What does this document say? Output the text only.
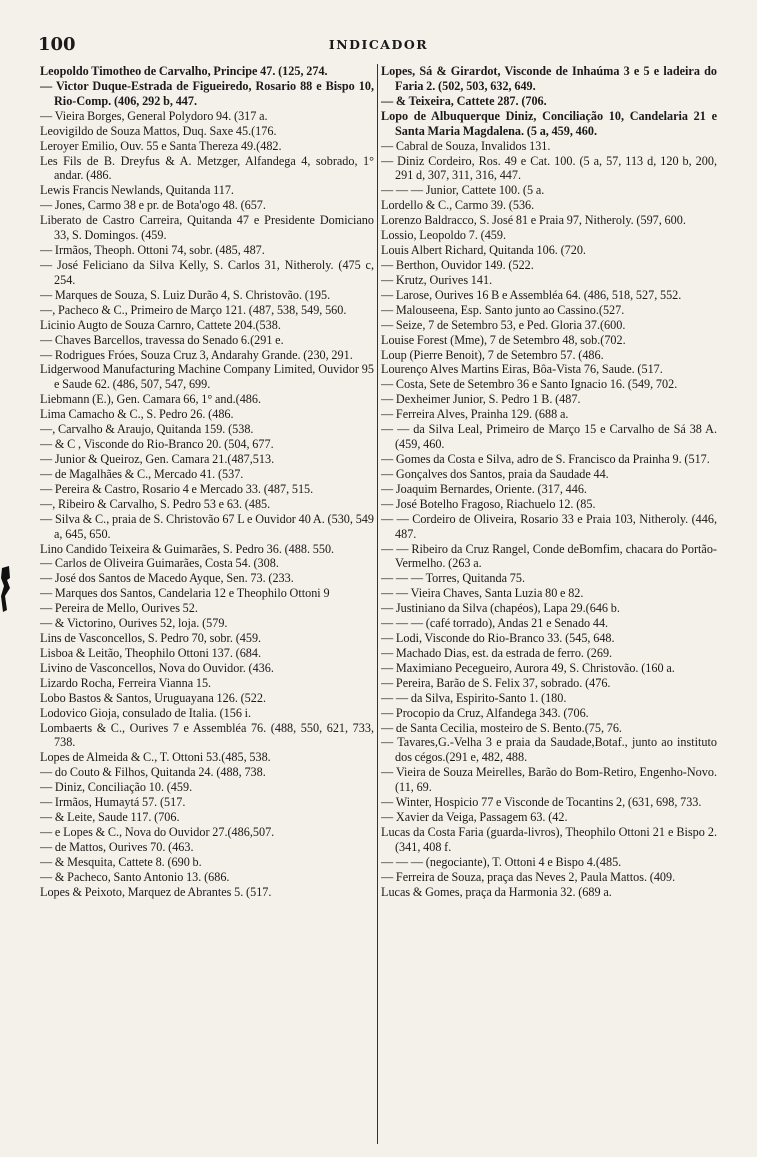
100	INDICADOR
Leopoldo Timotheo de Carvalho, Principe 47. (125, 274.
— Victor Duque-Estrada de Figueiredo, Rosario 88 e Bispo 10, Rio-Comp. (406, 292 b, 447.
— Vieira Borges, General Polydoro 94. (317 a.
Leovigildo de Souza Mattos, Duq. Saxe 45.(176.
Leroyer Emilio, Ouv. 55 e Santa Thereza 49.(482.
Les Fils de B. Dreyfus & A. Metzger, Alfandega 4, sobrado, 1° andar. (486.
Lewis Francis Newlands, Quitanda 117.
— Jones, Carmo 38 e pr. de Bota'ogo 48. (657.
Liberato de Castro Carreira, Quitanda 47 e Presidente Domiciano 33, S. Domingos. (459.
— Irmãos, Theoph. Ottoni 74, sobr. (485, 487.
— José Feliciano da Silva Kelly, S. Carlos 31, Nitheroly. (475 c, 254.
— Marques de Souza, S. Luiz Durão 4, S. Christovão. (195.
—, Pacheco & C., Primeiro de Março 121. (487, 538, 549, 560.
Licinio Augto de Souza Carnro, Cattete 204.(538.
— Chaves Barcellos, travessa do Senado 6.(291 e.
— Rodrigues Fróes, Souza Cruz 3, Andarahy Grande. (230, 291.
Lidgerwood Manufacturing Machine Company Limited, Ouvidor 95 e Saude 62. (486, 507, 547, 699.
Liebmann (E.), Gen. Camara 66, 1° and.(486.
Lima Camacho & C., S. Pedro 26. (486.
—, Carvalho & Araujo, Quitanda 159. (538.
— & C , Visconde do Rio-Branco 20. (504, 677.
— Junior & Queiroz, Gen. Camara 21.(487,513.
— de Magalhães & C., Mercado 41. (537.
— Pereira & Castro, Rosario 4 e Mercado 33. (487, 515.
—, Ribeiro & Carvalho, S. Pedro 53 e 63. (485.
— Silva & C., praia de S. Christovão 67 L e Ouvidor 40 A. (530, 549 a, 645, 650.
Lino Candido Teixeira & Guimarães, S. Pedro 36. (488. 550.
— Carlos de Oliveira Guimarães, Costa 54. (308.
— José dos Santos de Macedo Ayque, Sen. 73. (233.
— Marques dos Santos, Candelaria 12 e Theophilo Ottoni 9
— Pereira de Mello, Ourives 52.
— & Victorino, Ourives 52, loja. (579.
Lins de Vasconcellos, S. Pedro 70, sobr. (459.
Lisboa & Leitão, Theophilo Ottoni 137. (684.
Livino de Vasconcellos, Nova do Ouvidor. (436.
Lizardo Rocha, Ferreira Vianna 15.
Lobo Bastos & Santos, Uruguayana 126. (522.
Lodovico Gioja, consulado de Italia. (156 i.
Lombaerts & C., Ourives 7 e Assembléa 76. (488, 550, 621, 733, 738.
Lopes de Almeida & C., T. Ottoni 53.(485, 538.
— do Couto & Filhos, Quitanda 24. (488, 738.
— Diniz, Conciliação 10. (459.
— Irmãos, Humaytá 57. (517.
— & Leite, Saude 117. (706.
— e Lopes & C., Nova do Ouvidor 27.(486,507.
— de Mattos, Ourives 70. (463.
— & Mesquita, Cattete 8. (690 b.
— & Pacheco, Santo Antonio 13. (686.
Lopes & Peixoto, Marquez de Abrantes 5. (517.
Lopes, Sá & Girardot, Visconde de Inhaúma 3 e 5 e ladeira do Faria 2. (502, 503, 632, 649.
— & Teixeira, Cattete 287. (706.
Lopo de Albuquerque Diniz, Conciliação 10, Candelaria 21 e Santa Maria Magdalena. (5 a, 459, 460.
— Cabral de Souza, Invalidos 131.
— Diniz Cordeiro, Ros. 49 e Cat. 100. (5 a, 57, 113 d, 120 b, 200, 291 d, 307, 311, 316, 447.
— — — Junior, Cattete 100. (5 a.
Lordello & C., Carmo 39. (536.
Lorenzo Baldracco, S. José 81 e Praia 97, Nitheroly. (597, 600.
Lossio, Leopoldo 7. (459.
Louis Albert Richard, Quitanda 106. (720.
— Berthon, Ouvidor 149. (522.
— Krutz, Ourives 141.
— Larose, Ourives 16 B e Assembléa 64. (486, 518, 527, 552.
— Malouseena, Esp. Santo junto ao Cassino.(527.
— Seize, 7 de Setembro 53, e Ped. Gloria 37.(600.
Louise Forest (Mme), 7 de Setembro 48, sob.(702.
Loup (Pierre Benoit), 7 de Setembro 57. (486.
Lourenço Alves Martins Eiras, Bôa-Vista 76, Saude. (517.
— Costa, Sete de Setembro 36 e Santo Ignacio 16. (549, 702.
— Dexheimer Junior, S. Pedro 1 B. (487.
— Ferreira Alves, Prainha 129. (688 a.
— — da Silva Leal, Primeiro de Março 15 e Carvalho de Sá 38 A. (459, 460.
— Gomes da Costa e Silva, adro de S. Francisco da Prainha 9. (517.
— Gonçalves dos Santos, praia da Saudade 44.
— Joaquim Bernardes, Oriente. (317, 446.
— José Botelho Fragoso, Riachuelo 12. (85.
— — Cordeiro de Oliveira, Rosario 33 e Praia 103, Nitheroly. (446, 487.
— — Ribeiro da Cruz Rangel, Conde deBomfim, chacara do Portão-Vermelho. (263 a.
— — — Torres, Quitanda 75.
— — Vieira Chaves, Santa Luzia 80 e 82.
— Justiniano da Silva (chapéos), Lapa 29.(646 b.
— — — (café torrado), Andas 21 e Senado 44.
— Lodi, Visconde do Rio-Branco 33. (545, 648.
— Machado Dias, est. da estrada de ferro. (269.
— Maximiano Pecegueiro, Aurora 49, S. Christovão. (160 a.
— Pereira, Barão de S. Felix 37, sobrado. (476.
— — da Silva, Espirito-Santo 1. (180.
— Procopio da Cruz, Alfandega 343. (706.
— de Santa Cecilia, mosteiro de S. Bento.(75, 76.
— Tavares,G.-Velha 3 e praia da Saudade,Botaf., junto ao instituto dos cégos.(291 e, 482, 488.
— Vieira de Souza Meirelles, Barão do Bom-Retiro, Engenho-Novo. (11, 69.
— Winter, Hospicio 77 e Visconde de Tocantins 2, (631, 698, 733.
— Xavier da Veiga, Passagem 63. (42.
Lucas da Costa Faria (guarda-livros), Theophilo Ottoni 21 e Bispo 2. (341, 408 f.
— — — (negociante), T. Ottoni 4 e Bispo 4.(485.
— Ferreira de Souza, praça das Neves 2, Paula Mattos. (409.
Lucas & Gomes, praça da Harmonia 32. (689 a.
